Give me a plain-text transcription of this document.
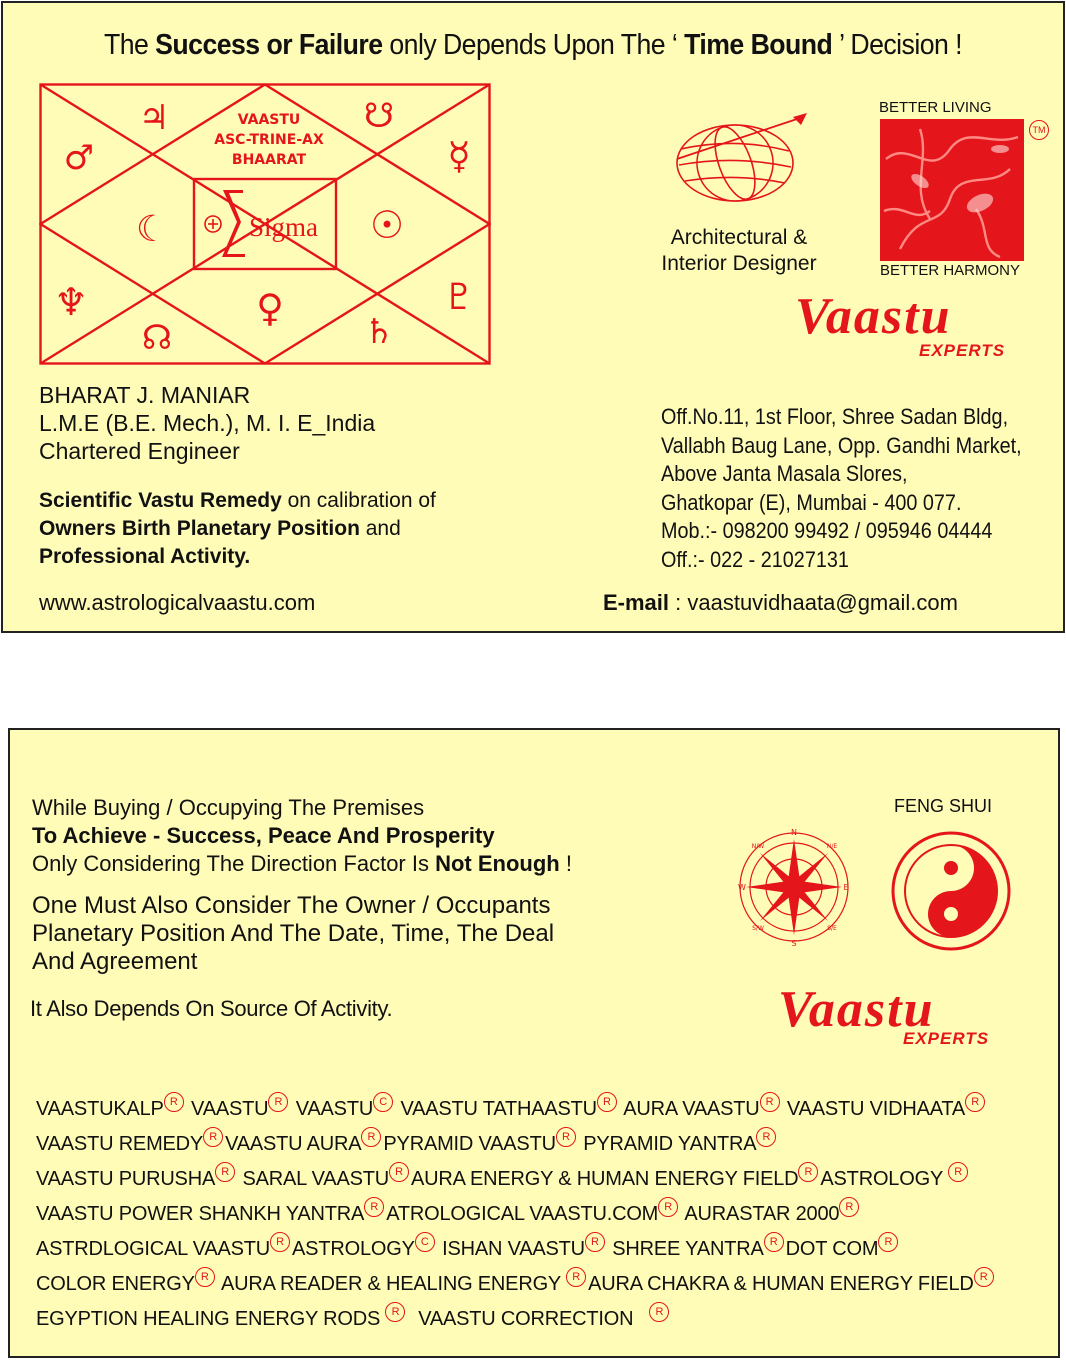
The Success or Failure only Depends Upon The ‘ Time Bound ’ Decision !
VAASTU
ASC-TRINE-AX
BHAARAT
♃	☋
♂	☿
☾	☉
♆	♇
☊
♀
♄
Sigma	Architectural &
Interior Designer
BETTER LIVING
TM
BETTER HARMONY
Vaastu
EXPERTS
BHARAT J. MANIAR
L.M.E (B.E. Mech.), M. I. E_India
Chartered Engineer
Scientific Vastu Remedy on calibration of
Owners Birth Planetary Position and
Professional Activity.
www.astrologicalvaastu.com
Off.No.11, 1st Floor, Shree Sadan Bldg,
Vallabh Baug Lane, Opp. Gandhi Market,
Above Janta Masala Slores,
Ghatkopar (E), Mumbai - 400 077.
Mob.:- 098200 99492 / 095946 04444
Off.:- 022 - 21027131
E-mail : vaastuvidhaata@gmail.com
While Buying / Occupying The Premises
To Achieve - Success, Peace And Prosperity
Only Considering The Direction Factor Is Not Enough !
One Must Also Consider The Owner / Occupants
Planetary Position And The Date, Time, The Deal
And Agreement
It Also Depends On Source Of Activity.
N
S
E
W
N/W	N/E
S/W	S/E
FENG SHUI
Vaastu
EXPERTS
VAASTUKALP R VAASTU R VAASTU C VAASTU TATHAASTU R AURA VAASTU R VAASTU VIDHAATA R
VAASTU REMEDY R VAASTU AURA R PYRAMID VAASTU R PYRAMID YANTRA R
VAASTU PURUSHA R SARAL VAASTU R AURA ENERGY & HUMAN ENERGY FIELD R ASTROLOGY R
VAASTU POWER SHANKH YANTRA R ATROLOGICAL VAASTU.COM R AURASTAR 2000 R
ASTRDLOGICAL VAASTU R ASTROLOGY C ISHAN VAASTU R SHREE YANTRA R DOT COM R
COLOR ENERGY R AURA READER & HEALING ENERGY R AURA CHAKRA & HUMAN ENERGY FIELD R
EGYPTION HEALING ENERGY RODS R VAASTU CORRECTION R
